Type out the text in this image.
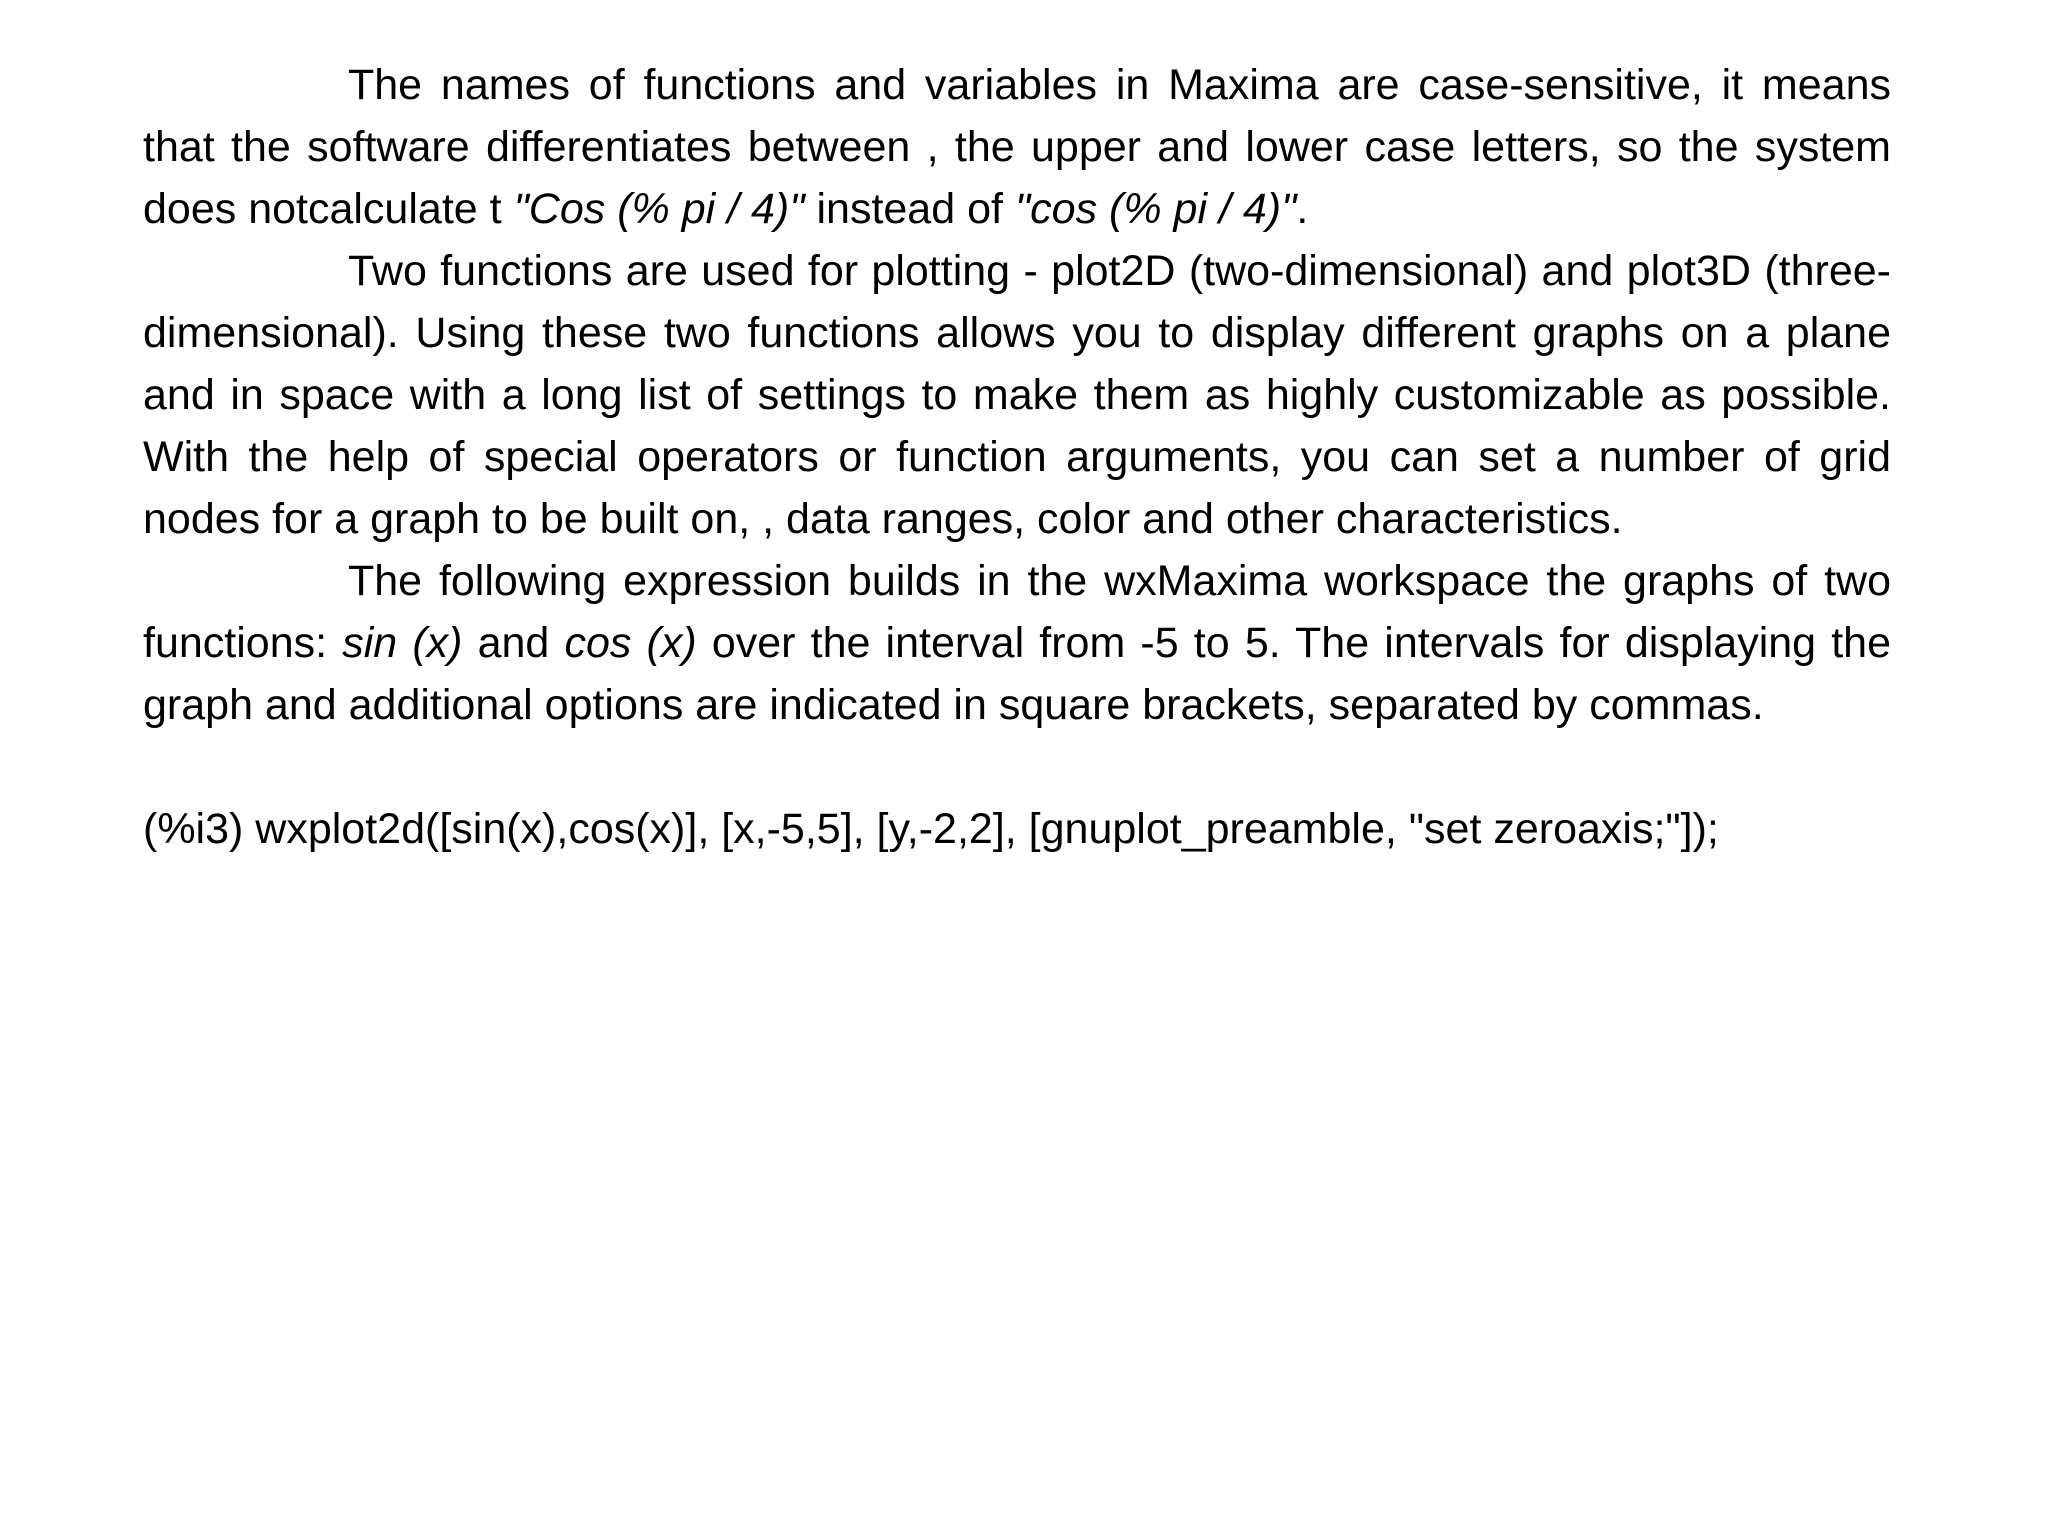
The names of functions and variables in Maxima are case-sensitive, it means that the software differentiates between , the upper and lower case letters, so the system does notcalculate t "Cos (% pi / 4)" instead of "cos (% pi / 4)".

Two functions are used for plotting - plot2D (two-dimensional) and plot3D (three-dimensional). Using these two functions allows you to display different graphs on a plane and in space with a long list of settings to make them as highly customizable as possible. With the help of special operators or function arguments, you can set a number of grid nodes for a graph to be built on, , data ranges, color and other characteristics.

The following expression builds in the wxMaxima workspace the graphs of two functions: sin (x) and cos (x) over the interval from -5 to 5. The intervals for displaying the graph and additional options are indicated in square brackets, separated by commas.

(%i3) wxplot2d([sin(x),cos(x)], [x,-5,5], [y,-2,2], [gnuplot_preamble, "set zeroaxis;"]);
